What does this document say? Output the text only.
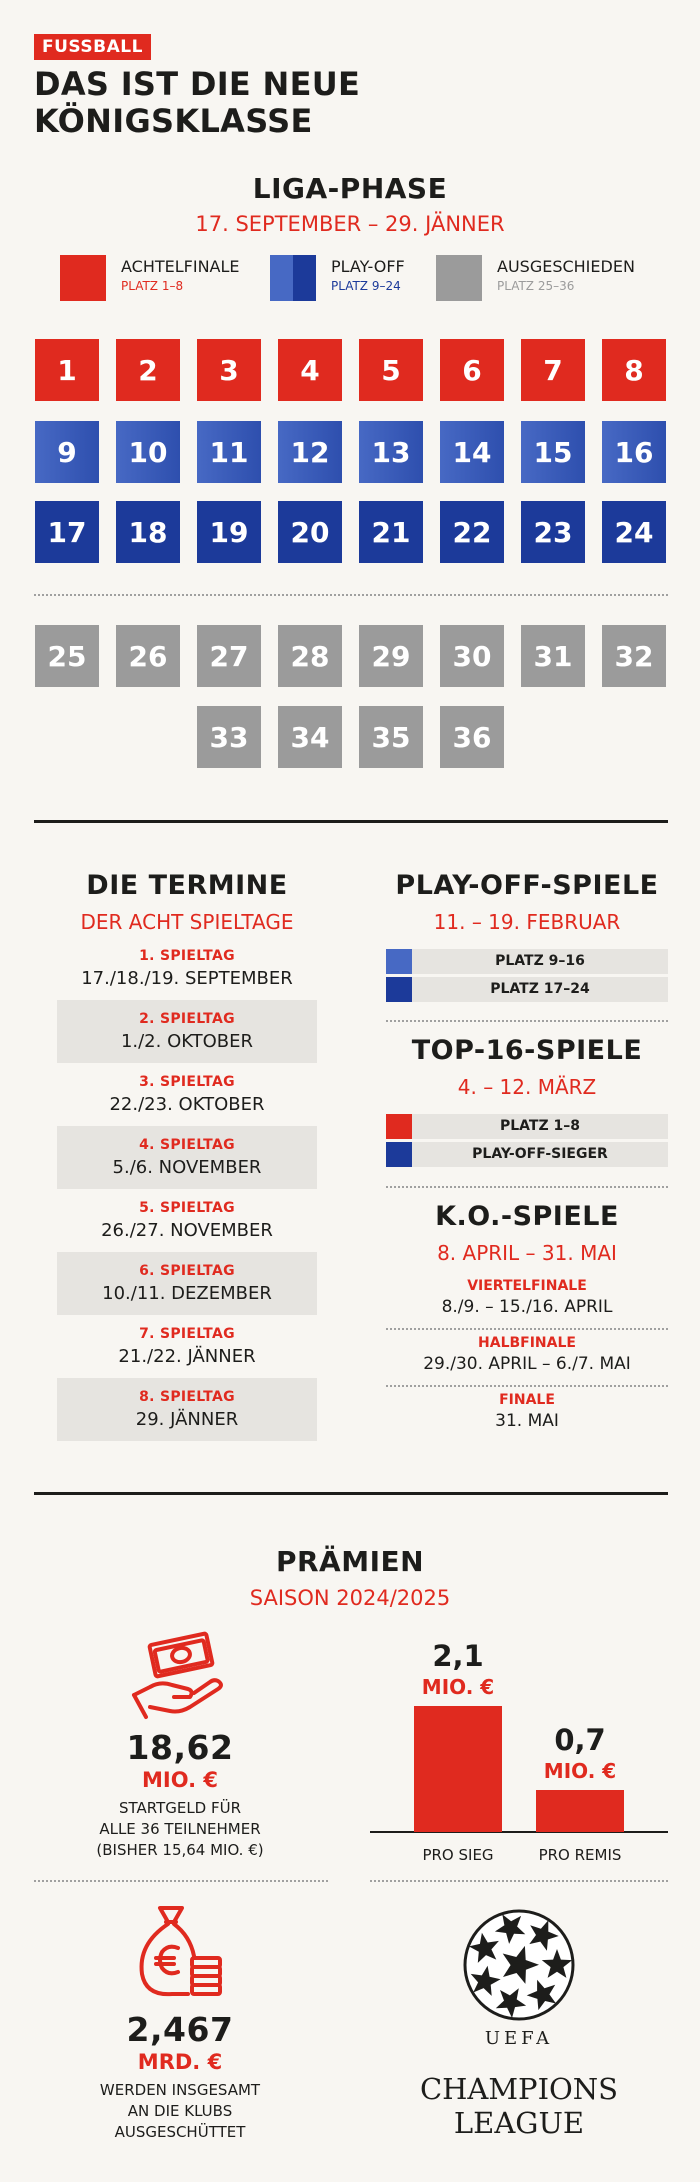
FUSSBALL
DAS IST DIE NEUE
KÖNIGSKLASSE
LIGA-PHASE
17. SEPTEMBER – 29. JÄNNER
ACHTELFINALE
PLATZ 1–8
PLAY-OFF
PLATZ 9–24
AUSGESCHIEDEN
PLATZ 25–36
1	2	3	4	5	6	7	8
9	10	11	12	13	14	15	16
17	18	19	20	21	22	23	24
25	26	27	28	29	30	31	32
33	34	35	36
DIE TERMINE
DER ACHT SPIELTAGE
1. SPIELTAG
17./18./19. SEPTEMBER
2. SPIELTAG
1./2. OKTOBER
3. SPIELTAG
22./23. OKTOBER
4. SPIELTAG
5./6. NOVEMBER
5. SPIELTAG
26./27. NOVEMBER
6. SPIELTAG
10./11. DEZEMBER
7. SPIELTAG
21./22. JÄNNER
8. SPIELTAG
29. JÄNNER
PLAY-OFF-SPIELE
11. – 19. FEBRUAR
PLATZ 9–16
PLATZ 17–24
TOP-16-SPIELE
4. – 12. MÄRZ
PLATZ 1–8
PLAY-OFF-SIEGER
K.O.-SPIELE
8. APRIL – 31. MAI
VIERTELFINALE
8./9. – 15./16. APRIL
HALBFINALE
29./30. APRIL – 6./7. MAI
FINALE
31. MAI
PRÄMIEN
SAISON 2024/2025
18,62
MIO. €
STARTGELD FÜR
ALLE 36 TEILNEHMER
(BISHER 15,64 MIO. €)
2,1
MIO. €
PRO SIEG
0,7
MIO. €
PRO REMIS
2,467
MRD. €
WERDEN INSGESAMT
AN DIE KLUBS
AUSGESCHÜTTET
UEFA
CHAMPIONS
LEAGUE
